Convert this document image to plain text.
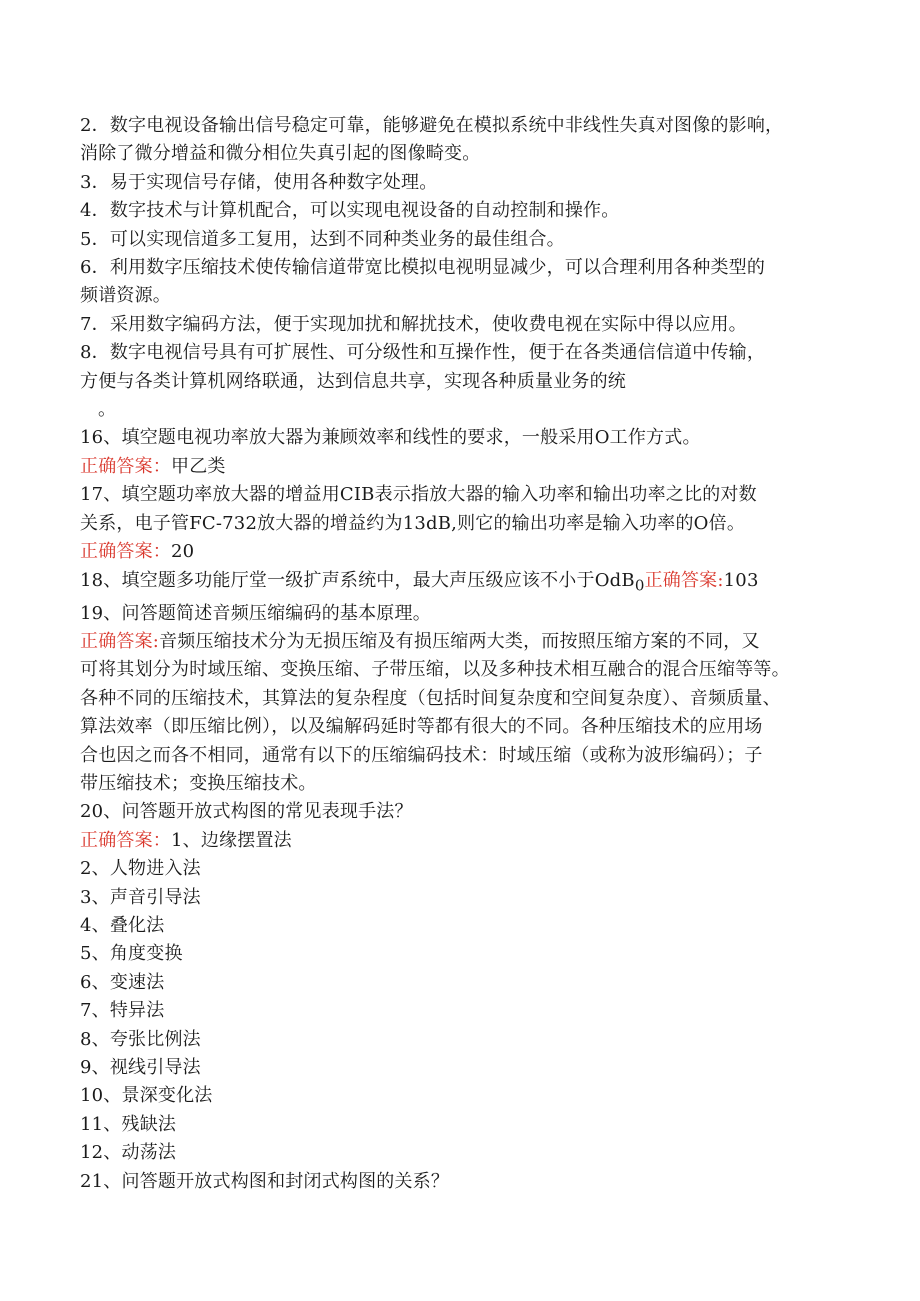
2．数字电视设备输出信号稳定可靠，能够避免在模拟系统中非线性失真对图像的影响，

消除了微分增益和微分相位失真引起的图像畸变。

3．易于实现信号存储，使用各种数字处理。

4．数字技术与计算机配合，可以实现电视设备的自动控制和操作。

5．可以实现信道多工复用，达到不同种类业务的最佳组合。

6．利用数字压缩技术使传输信道带宽比模拟电视明显减少，可以合理利用各种类型的

频谱资源。

7．采用数字编码方法，便于实现加扰和解扰技术，使收费电视在实际中得以应用。

8．数字电视信号具有可扩展性、可分级性和互操作性，便于在各类通信信道中传输，

方便与各类计算机网络联通，达到信息共享，实现各种质量业务的统

。

16、填空题电视功率放大器为兼顾效率和线性的要求，一般采用O工作方式。

正确答案：甲乙类

17、填空题功率放大器的增益用CIB表示指放大器的输入功率和输出功率之比的对数

关系，电子管FC-732放大器的增益约为13dB,则它的输出功率是输入功率的O倍。

正确答案：20

18、填空题多功能厅堂一级扩声系统中，最大声压级应该不小于OdB$_0$正确答案:103

19、问答题简述音频压缩编码的基本原理。

正确答案:音频压缩技术分为无损压缩及有损压缩两大类，而按照压缩方案的不同，又

可将其划分为时域压缩、变换压缩、子带压缩，以及多种技术相互融合的混合压缩等等。

各种不同的压缩技术，其算法的复杂程度（包括时间复杂度和空间复杂度）、音频质量、

算法效率（即压缩比例），以及编解码延时等都有很大的不同。各种压缩技术的应用场

合也因之而各不相同，通常有以下的压缩编码技术：时域压缩（或称为波形编码）；子

带压缩技术；变换压缩技术。

20、问答题开放式构图的常见表现手法？

正确答案：1、边缘摆置法

2、人物进入法

3、声音引导法

4、叠化法

5、角度变换

6、变速法

7、特异法

8、夸张比例法

9、视线引导法

10、景深变化法

11、残缺法

12、动荡法

21、问答题开放式构图和封闭式构图的关系？
